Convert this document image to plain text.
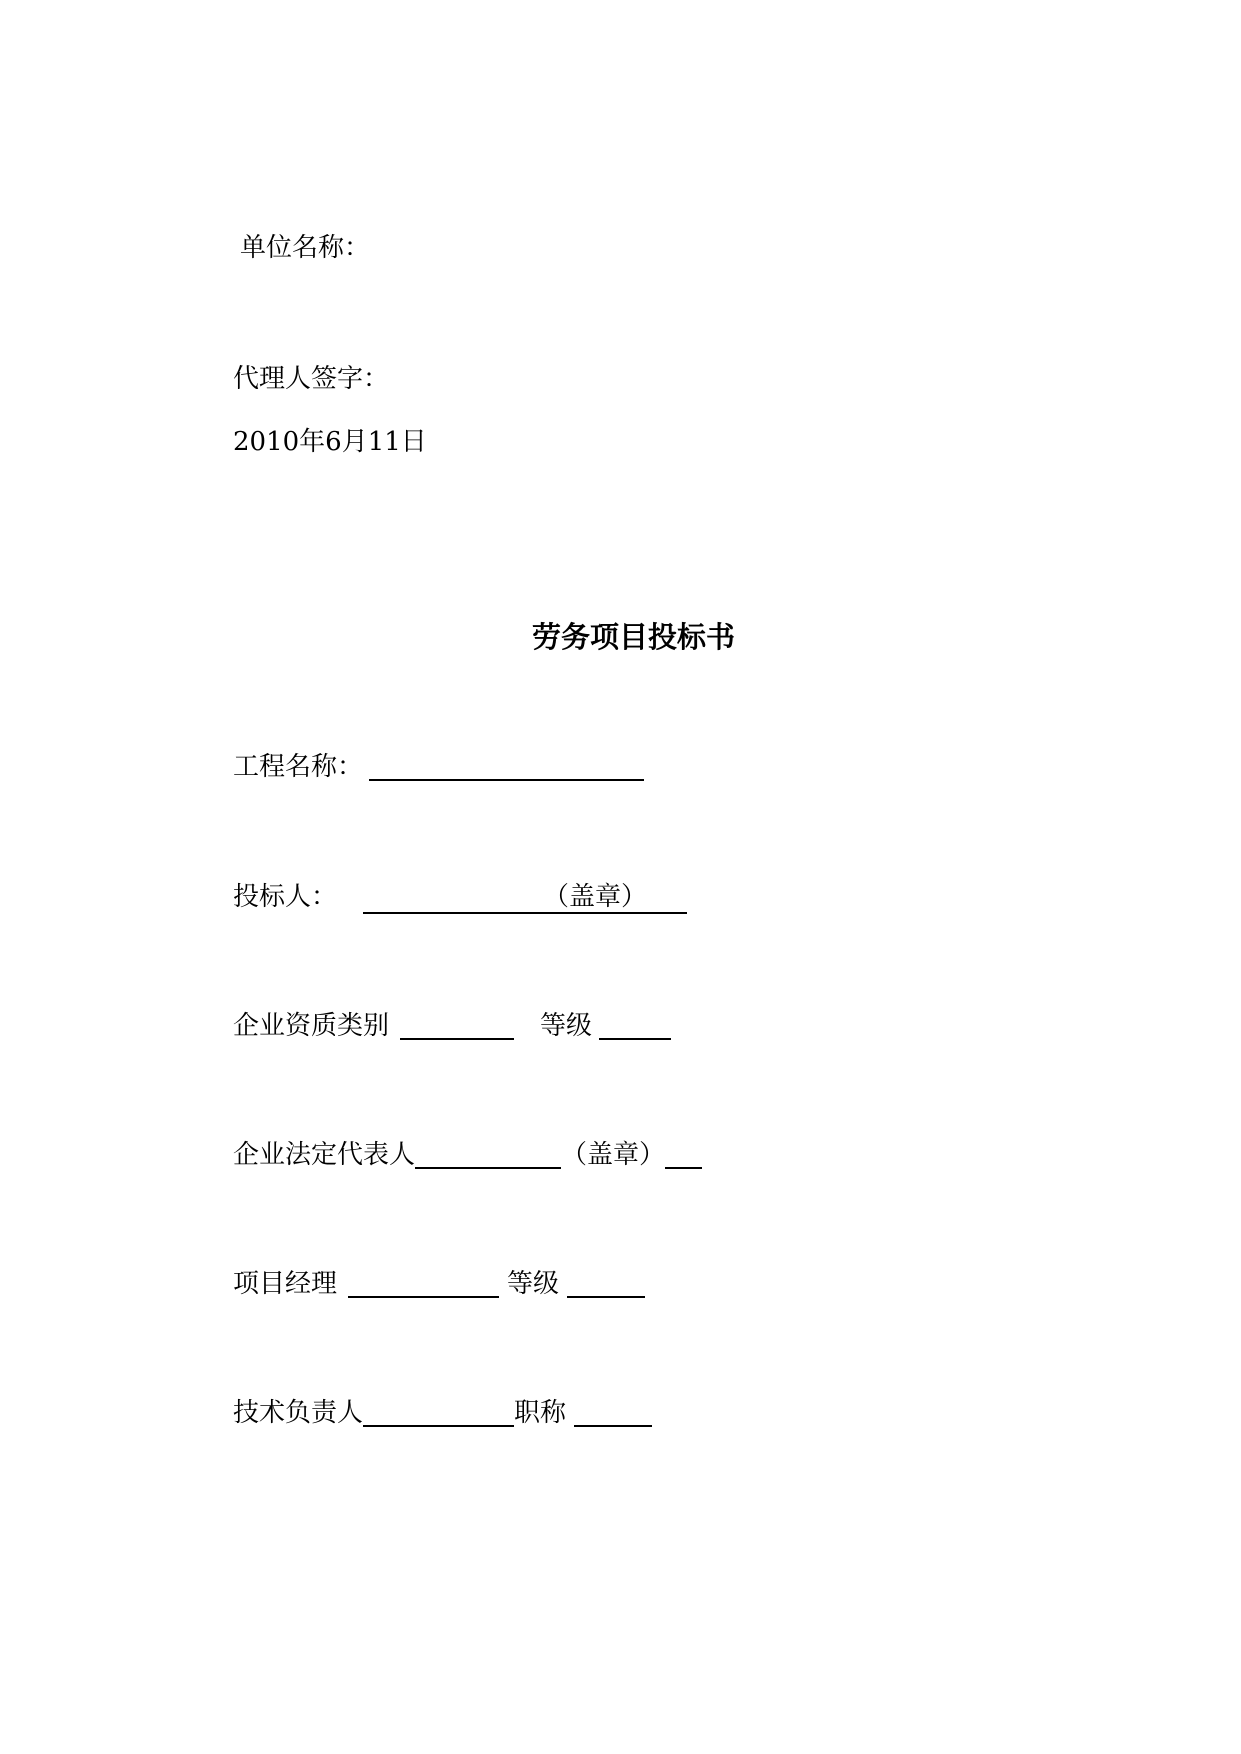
单位名称：
代理人签字：
2010年6月11日
劳务项目投标书
工程名称：
投标人：	（盖章）
企业资质类别	等级
企业法定代表人	（盖章）
项目经理	等级
技术负责人	职称
